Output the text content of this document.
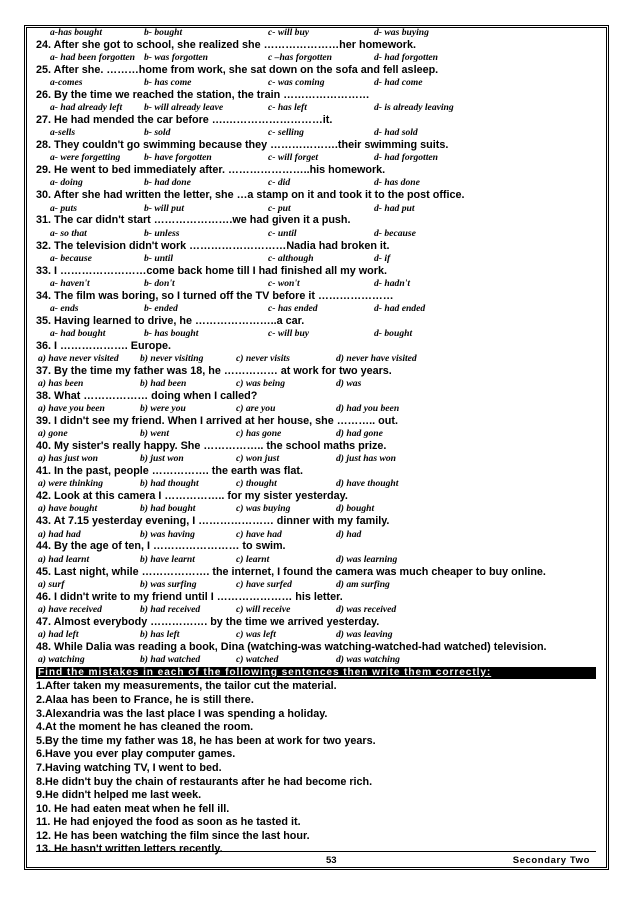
a-has bought	b- bought	c- will buy	d- was buying
24. After she got to school, she realized she …………………her homework.
a- had been forgotten b- was forgotten	c –has forgotten	d- had forgotten
25. After she. ………home from work, she sat down on the sofa and fell asleep.
a-comes	b- has come	c- was coming	d- had come
26. By the time we reached the station, the train ……………………
a- had already left b- will already leave	c- has left	d- is already leaving
27. He had mended the car before ….………………………it.
a-sells	b- sold	c- selling	d- had sold
28. They couldn't go swimming because they ……………….their swimming suits.
a- were forgetting b- have forgotten	c- will forget	d- had forgotten
29. He went to bed immediately after. …………………..his homework.
a- doing	b- had done	c- did	d- has done
30. After she had written the letter, she …a stamp on it and took it to the post office.
a- puts	b- will put	c- put	d- had put
31. The car didn't start ………………….we had given it a push.
a- so that	b- unless	c- until	d- because
32. The television didn't work ………………………Nadia had broken it.
a- because	b- until	c- although	d- if
33. I ……………………come back home till I had finished all my work.
a- haven't	b- don't	c- won't	d- hadn't
34. The film was boring, so I turned off the TV before it …………………
a- ends	b- ended	c- has ended	d- had ended
35. Having learned to drive, he …………………..a car.
a- had bought	b- has bought	c- will buy	d- bought
36. I ………………. Europe.
a) have never visited b) never visiting	c) never visits	d) never have visited
37. By the time my father was 18, he …………… at work for two years.
a) has been	b) had been	c) was being	d) was
38. What ……………… doing when I called?
a) have you been	b) were you	c) are you	d) had you been
39. I didn't see my friend. When I arrived at her house, she ……….. out.
a) gone	b) went	c) has gone	d) had gone
40. My sister's really happy. She …………….. the school maths prize.
a) has just won	b) just won	c) won just	d) just has won
41. In the past, people ……………. the earth was flat.
a) were thinking	b) had thought	c) thought	d) have thought
42. Look at this camera I …………….. for my sister yesterday.
a) have bought	b) had bought	c) was buying	d) bought
43. At 7.15 yesterday evening, I ………………… dinner with my family.
a) had had	b) was having	c) have had	d) had
44. By the age of ten, I …………………… to swim.
a) had learnt	b) have learnt	c) learnt	d) was learning
45. Last night, while ………………. the internet, I found the camera was much cheaper to buy online.
a) surf	b) was surfing	c) have surfed	d) am surfing
46. I didn't write to my friend until I ………………… his letter.
a) have received	b) had received	c) will receive	d) was received
47. Almost everybody ……………. by the time we arrived yesterday.
a) had left	b) has left	c) was left	d) was leaving
48. While Dalia was reading a book, Dina (watching-was watching-watched-had watched) television.
a) watching	b) had watched	c) watched	d) was watching
Find the mistakes in each of the following sentences then write them correctly:
1.After taken my measurements, the tailor cut the material.
2.Alaa has been to France, he is still there.
3.Alexandria was the last place I was spending a holiday.
4.At the moment he has cleaned the room.
5.By the time my father was 18, he has been at work for two years.
6.Have you ever play computer games.
7.Having watching TV, I went to bed.
8.He didn't buy the chain of restaurants after he had become rich.
9.He didn't helped me last week.
10. He had eaten meat when he fell ill.
11. He had enjoyed the food as soon as he tasted it.
12. He has been watching the film since the last hour.
13. He hasn't written letters recently.
53	Secondary Two
